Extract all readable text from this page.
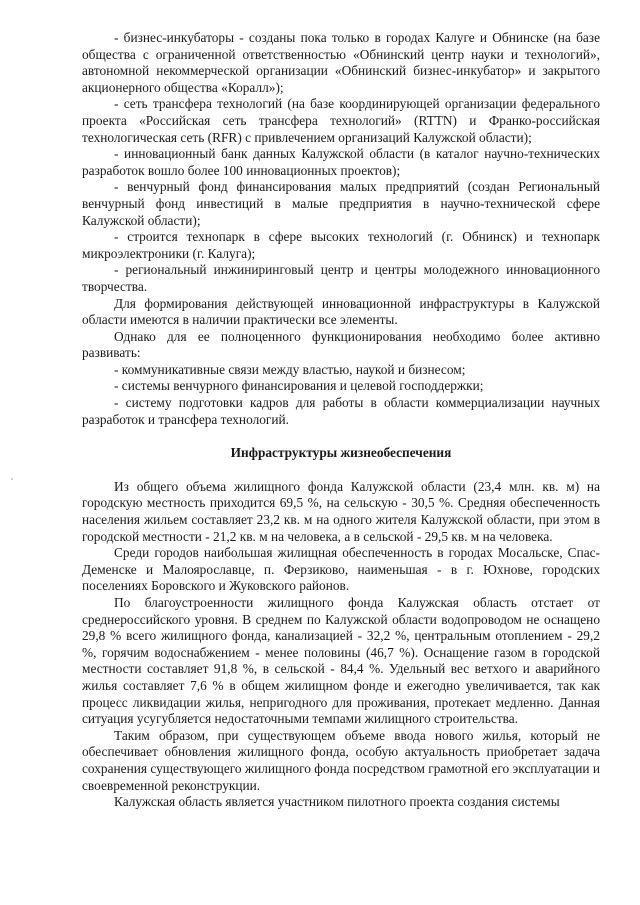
- бизнес-инкубаторы - созданы пока только в городах Калуге и Обнинске (на базе общества с ограниченной ответственностью «Обнинский центр науки и технологий», автономной некоммерческой организации «Обнинский бизнес-инкубатор» и закрытого акционерного общества «Коралл»);

- сеть трансфера технологий (на базе координирующей организации федерального проекта «Российская сеть трансфера технологий» (RTTN) и Франко-российская технологическая сеть (RFR) с привлечением организаций Калужской области);

- инновационный банк данных Калужской области (в каталог научно-технических разработок вошло более 100 инновационных проектов);

- венчурный фонд финансирования малых предприятий (создан Региональный венчурный фонд инвестиций в малые предприятия в научно-технической сфере Калужской области);

- строится технопарк в сфере высоких технологий (г. Обнинск) и технопарк микроэлектроники (г. Калуга);

- региональный инжиниринговый центр и центры молодежного инновационного творчества.

Для формирования действующей инновационной инфраструктуры в Калужской области имеются в наличии практически все элементы.

Однако для ее полноценного функционирования необходимо более активно развивать:

- коммуникативные связи между властью, наукой и бизнесом;

- системы венчурного финансирования и целевой господдержки;

- систему подготовки кадров для работы в области коммерциализации научных разработок и трансфера технологий.

Инфраструктуры жизнеобеспечения

Из общего объема жилищного фонда Калужской области (23,4 млн. кв. м) на городскую местность приходится 69,5 %, на сельскую - 30,5 %. Средняя обеспеченность населения жильем составляет 23,2 кв. м на одного жителя Калужской области, при этом в городской местности - 21,2 кв. м на человека, а в сельской - 29,5 кв. м на человека.

Среди городов наибольшая жилищная обеспеченность в городах Мосальске, Спас-Деменске и Малоярославце, п. Ферзиково, наименьшая - в г. Юхнове, городских поселениях Боровского и Жуковского районов.

По благоустроенности жилищного фонда Калужская область отстает от среднероссийского уровня. В среднем по Калужской области водопроводом не оснащено 29,8 % всего жилищного фонда, канализацией - 32,2 %, центральным отоплением - 29,2 %, горячим водоснабжением - менее половины (46,7 %). Оснащение газом в городской местности составляет 91,8 %, в сельской - 84,4 %. Удельный вес ветхого и аварийного жилья составляет 7,6 % в общем жилищном фонде и ежегодно увеличивается, так как процесс ликвидации жилья, непригодного для проживания, протекает медленно. Данная ситуация усугубляется недостаточными темпами жилищного строительства.

Таким образом, при существующем объеме ввода нового жилья, который не обеспечивает обновления жилищного фонда, особую актуальность приобретает задача сохранения существующего жилищного фонда посредством грамотной его эксплуатации и своевременной реконструкции.

Калужская область является участником пилотного проекта создания системы
